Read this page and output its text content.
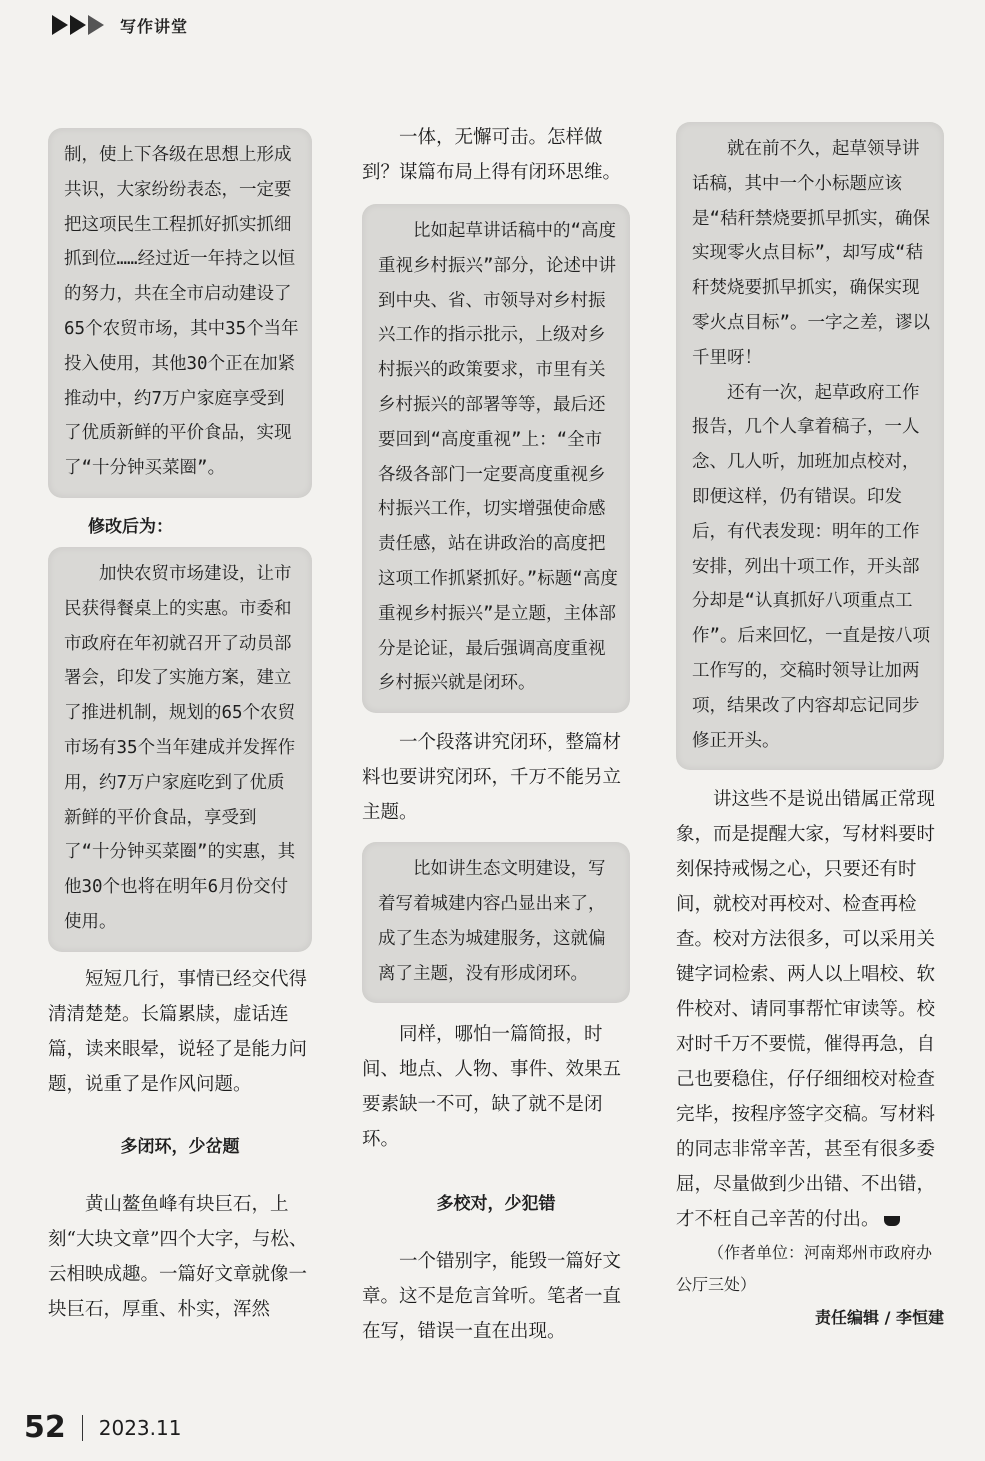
写作讲堂

制，使上下各级在思想上形成共识，大家纷纷表态，一定要把这项民生工程抓好抓实抓细抓到位……经过近一年持之以恒的努力，共在全市启动建设了65个农贸市场，其中35个当年投入使用，其他30个正在加紧推动中，约7万户家庭享受到了优质新鲜的平价食品，实现了“十分钟买菜圈”。

修改后为：

加快农贸市场建设，让市民获得餐桌上的实惠。市委和市政府在年初就召开了动员部署会，印发了实施方案，建立了推进机制，规划的65个农贸市场有35个当年建成并发挥作用，约7万户家庭吃到了优质新鲜的平价食品，享受到了“十分钟买菜圈”的实惠，其他30个也将在明年6月份交付使用。

短短几行，事情已经交代得清清楚楚。长篇累牍，虚话连篇，读来眼晕，说轻了是能力问题，说重了是作风问题。

多闭环，少岔题

黄山鳌鱼峰有块巨石，上刻“大块文章”四个大字，与松、云相映成趣。一篇好文章就像一块巨石，厚重、朴实，浑然

一体，无懈可击。怎样做到？谋篇布局上得有闭环思维。

比如起草讲话稿中的“高度重视乡村振兴”部分，论述中讲到中央、省、市领导对乡村振兴工作的指示批示，上级对乡村振兴的政策要求，市里有关乡村振兴的部署等等，最后还要回到“高度重视”上：“全市各级各部门一定要高度重视乡村振兴工作，切实增强使命感责任感，站在讲政治的高度把这项工作抓紧抓好。”标题“高度重视乡村振兴”是立题，主体部分是论证，最后强调高度重视乡村振兴就是闭环。

一个段落讲究闭环，整篇材料也要讲究闭环，千万不能另立主题。

比如讲生态文明建设，写着写着城建内容凸显出来了，成了生态为城建服务，这就偏离了主题，没有形成闭环。

同样，哪怕一篇简报，时间、地点、人物、事件、效果五要素缺一不可，缺了就不是闭环。

多校对，少犯错

一个错别字，能毁一篇好文章。这不是危言耸听。笔者一直在写，错误一直在出现。

就在前不久，起草领导讲话稿，其中一个小标题应该是“秸秆禁烧要抓早抓实，确保实现零火点目标”，却写成“秸秆焚烧要抓早抓实，确保实现零火点目标”。一字之差，谬以千里呀！

还有一次，起草政府工作报告，几个人拿着稿子，一人念、几人听，加班加点校对，即便这样，仍有错误。印发后，有代表发现：明年的工作安排，列出十项工作，开头部分却是“认真抓好八项重点工作”。后来回忆，一直是按八项工作写的，交稿时领导让加两项，结果改了内容却忘记同步修正开头。

讲这些不是说出错属正常现象，而是提醒大家，写材料要时刻保持戒惕之心，只要还有时间，就校对再校对、检查再检查。校对方法很多，可以采用关键字词检索、两人以上唱校、软件校对、请同事帮忙审读等。校对时千万不要慌，催得再急，自己也要稳住，仔仔细细校对检查完毕，按程序签字交稿。写材料的同志非常辛苦，甚至有很多委屈，尽量做到少出错、不出错，才不枉自己辛苦的付出。

（作者单位：河南郑州市政府办公厅三处）
责任编辑 / 李恒建
52 2023.11
